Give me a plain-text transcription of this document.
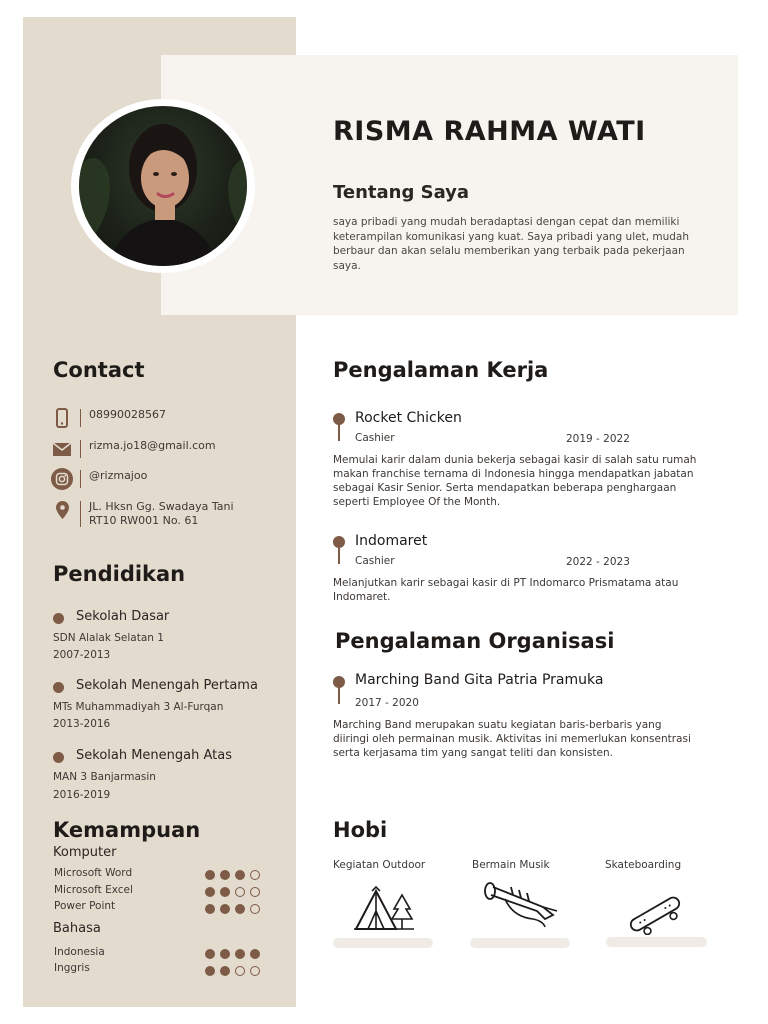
RISMA RAHMA WATI
Tentang Saya

saya pribadi yang mudah beradaptasi dengan cepat dan memiliki keterampilan komunikasi yang kuat. Saya pribadi yang ulet, mudah berbaur dan akan selalu memberikan yang terbaik pada pekerjaan saya.

Contact
08990028567
rizma.jo18@gmail.com
@rizmajoo
JL. Hksn Gg. Swadaya Tani
RT10 RW001 No. 61
Pendidikan

Sekolah Dasar

SDN Alalak Selatan 1

2007-2013

Sekolah Menengah Pertama

MTs Muhammadiyah 3 Al-Furqan

2013-2016

Sekolah Menengah Atas

MAN 3 Banjarmasin

2016-2019

Kemampuan

Komputer

Microsoft Word

Microsoft Excel

Power Point

Bahasa

Indonesia

Inggris

Pengalaman Kerja

Rocket Chicken

Cashier	2019 - 2022

Memulai karir dalam dunia bekerja sebagai kasir di salah satu rumah makan franchise ternama di Indonesia hingga mendapatkan jabatan sebagai Kasir Senior. Serta mendapatkan beberapa penghargaan seperti Employee Of the Month.

Indomaret

Cashier	2022 - 2023

Melanjutkan karir sebagai kasir di PT Indomarco Prismatama atau Indomaret.

Pengalaman Organisasi

Marching Band Gita Patria Pramuka

2017 - 2020

Marching Band merupakan suatu kegiatan baris-berbaris yang diiringi oleh permainan musik. Aktivitas ini memerlukan konsentrasi serta kerjasama tim yang sangat teliti dan konsisten.

Hobi

Kegiatan Outdoor	Bermain Musik	Skateboarding
